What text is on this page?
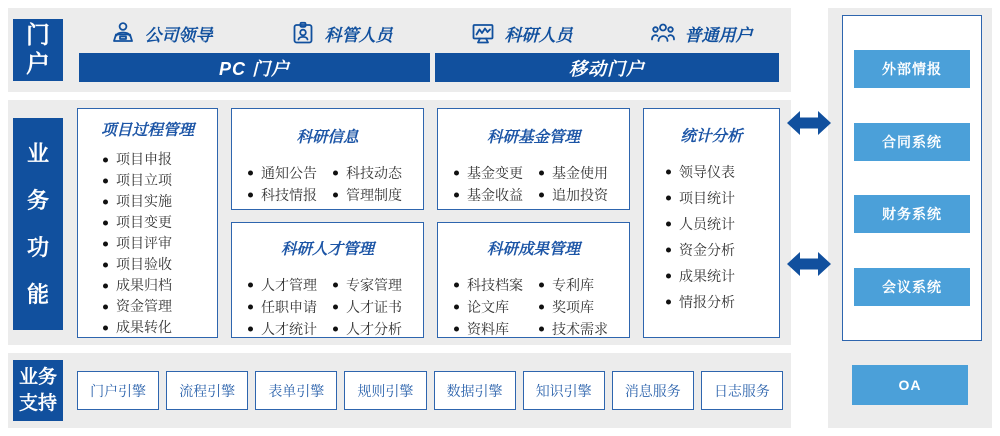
门户
公司领导	科管人员	科研人员	普通用户
PC 门户	移动门户
业务功能
项目过程管理
项目申报
项目立项
项目实施
项目变更
项目评审
项目验收
成果归档
资金管理
成果转化
科研信息
通知公告
科技情报
科技动态
管理制度
科研人才管理
人才管理
任职申请
人才统计
专家管理
人才证书
人才分析
科研基金管理
基金变更
基金收益
基金使用
追加投资
科研成果管理
科技档案
论文库
资料库
专利库
奖项库
技术需求
统计分析
领导仪表
项目统计
人员统计
资金分析
成果统计
情报分析
业务支持
门户引擎	流程引擎	表单引擎	规则引擎	数据引擎	知识引擎	消息服务	日志服务
外部情报
合同系统
财务系统
会议系统
OA
